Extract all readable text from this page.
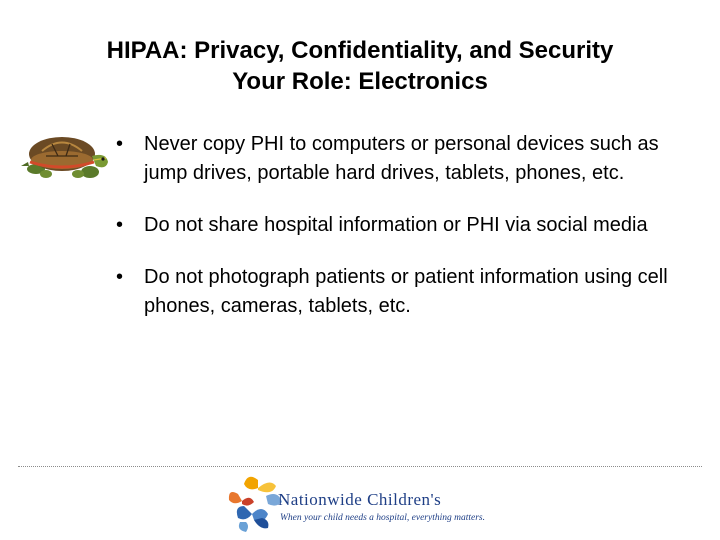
HIPAA: Privacy, Confidentiality, and Security
Your Role: Electronics
• Never copy PHI to computers or personal devices such as jump drives, portable hard drives, tablets, phones, etc.
• Do not share hospital information or PHI via social media
• Do not photograph patients or patient information using cell phones, cameras, tablets, etc.
Nationwide Children's
When your child needs a hospital, everything matters.
